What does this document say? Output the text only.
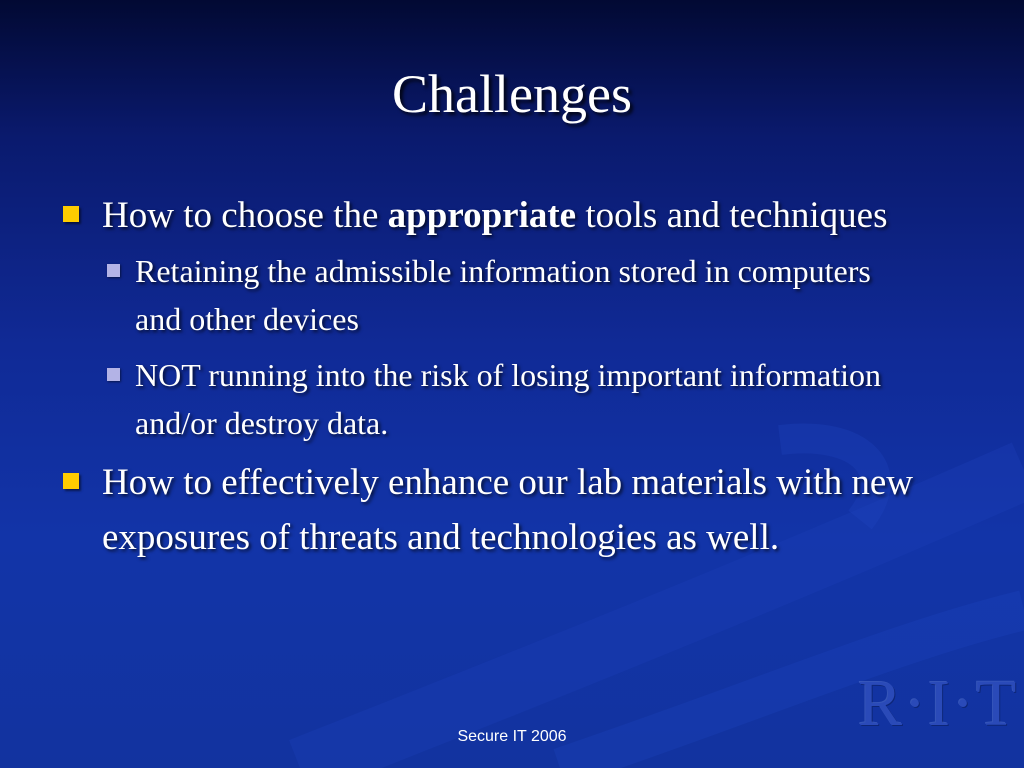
Challenges
How to choose the appropriate tools and techniques
Retaining the admissible information stored in computers and other devices
NOT running into the risk of losing important information and/or destroy data.
How to effectively enhance our lab materials with new exposures of threats and technologies as well.
R·I·T
Secure IT 2006
